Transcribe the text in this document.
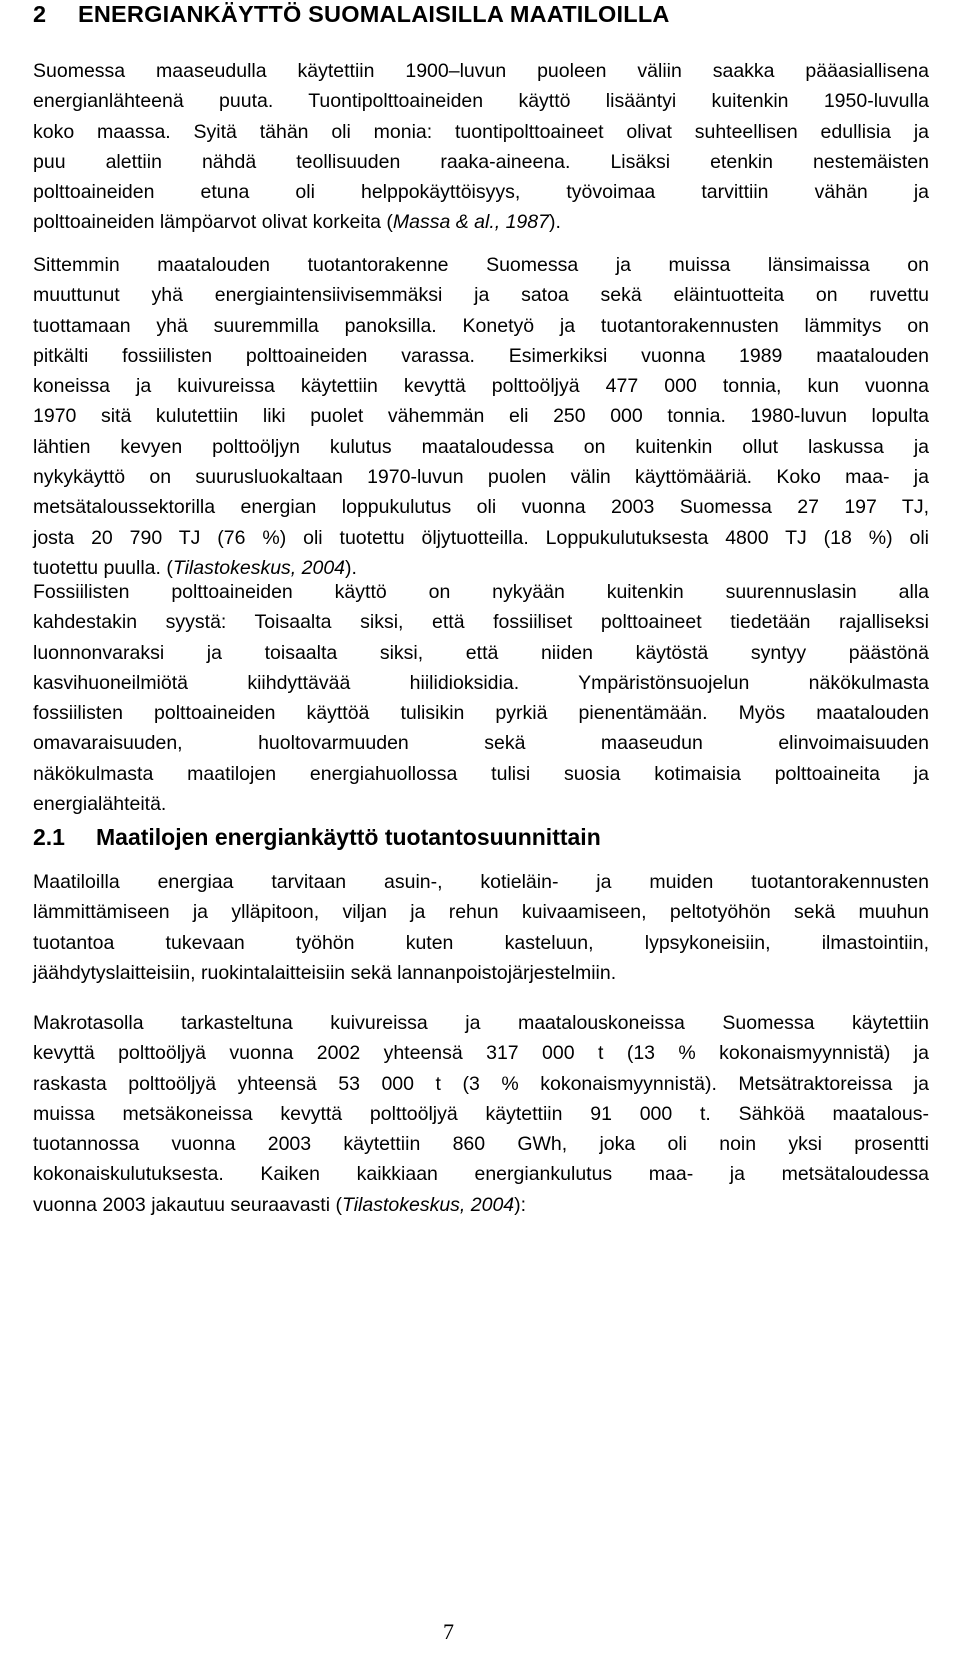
2 ENERGIANKÄYTTÖ SUOMALAISILLA MAATILOILLA
Suomessa maaseudulla käytettiin 1900–luvun puoleen väliin saakka pääasiallisena
energianlähteenä puuta. Tuontipolttoaineiden käyttö lisääntyi kuitenkin 1950-luvulla
koko maassa. Syitä tähän oli monia: tuontipolttoaineet olivat suhteellisen edullisia ja
puu alettiin nähdä teollisuuden raaka-aineena. Lisäksi etenkin nestemäisten
polttoaineiden etuna oli helppokäyttöisyys, työvoimaa tarvittiin vähän ja
polttoaineiden lämpöarvot olivat korkeita (Massa & al., 1987).
Sittemmin maatalouden tuotantorakenne Suomessa ja muissa länsimaissa on
muuttunut yhä energiaintensiivisemmäksi ja satoa sekä eläintuotteita on ruvettu
tuottamaan yhä suuremmilla panoksilla. Konetyö ja tuotantorakennusten lämmitys on
pitkälti fossiilisten polttoaineiden varassa. Esimerkiksi vuonna 1989 maatalouden
koneissa ja kuivureissa käytettiin kevyttä polttoöljyä 477 000 tonnia, kun vuonna
1970 sitä kulutettiin liki puolet vähemmän eli 250 000 tonnia. 1980-luvun lopulta
lähtien kevyen polttoöljyn kulutus maataloudessa on kuitenkin ollut laskussa ja
nykykäyttö on suurusluokaltaan 1970-luvun puolen välin käyttömääriä. Koko maa- ja
metsätaloussektorilla energian loppukulutus oli vuonna 2003 Suomessa 27 197 TJ,
josta 20 790 TJ (76 %) oli tuotettu öljytuotteilla. Loppukulutuksesta 4800 TJ (18 %) oli
tuotettu puulla. (Tilastokeskus, 2004).
Fossiilisten polttoaineiden käyttö on nykyään kuitenkin suurennuslasin alla
kahdestakin syystä: Toisaalta siksi, että fossiiliset polttoaineet tiedetään rajalliseksi
luonnonvaraksi ja toisaalta siksi, että niiden käytöstä syntyy päästönä
kasvihuoneilmiötä kiihdyttävää hiilidioksidia. Ympäristönsuojelun näkökulmasta
fossiilisten polttoaineiden käyttöä tulisikin pyrkiä pienentämään. Myös maatalouden
omavaraisuuden, huoltovarmuuden sekä maaseudun elinvoimaisuuden
näkökulmasta maatilojen energiahuollossa tulisi suosia kotimaisia polttoaineita ja
energialähteitä.
2.1 Maatilojen energiankäyttö tuotantosuunnittain
Maatiloilla energiaa tarvitaan asuin-, kotieläin- ja muiden tuotantorakennusten
lämmittämiseen ja ylläpitoon, viljan ja rehun kuivaamiseen, peltotyöhön sekä muuhun
tuotantoa tukevaan työhön kuten kasteluun, lypsykoneisiin, ilmastointiin,
jäähdytyslaitteisiin, ruokintalaitteisiin sekä lannanpoistojärjestelmiin.
Makrotasolla tarkasteltuna kuivureissa ja maatalouskoneissa Suomessa käytettiin
kevyttä polttoöljyä vuonna 2002 yhteensä 317 000 t (13 % kokonaismyynnistä) ja
raskasta polttoöljyä yhteensä 53 000 t (3 % kokonaismyynnistä). Metsätraktoreissa ja
muissa metsäkoneissa kevyttä polttoöljyä käytettiin 91 000 t. Sähköä maatalous-
tuotannossa vuonna 2003 käytettiin 860 GWh, joka oli noin yksi prosentti
kokonaiskulutuksesta. Kaiken kaikkiaan energiankulutus maa- ja metsätaloudessa
vuonna 2003 jakautuu seuraavasti (Tilastokeskus, 2004):

7
